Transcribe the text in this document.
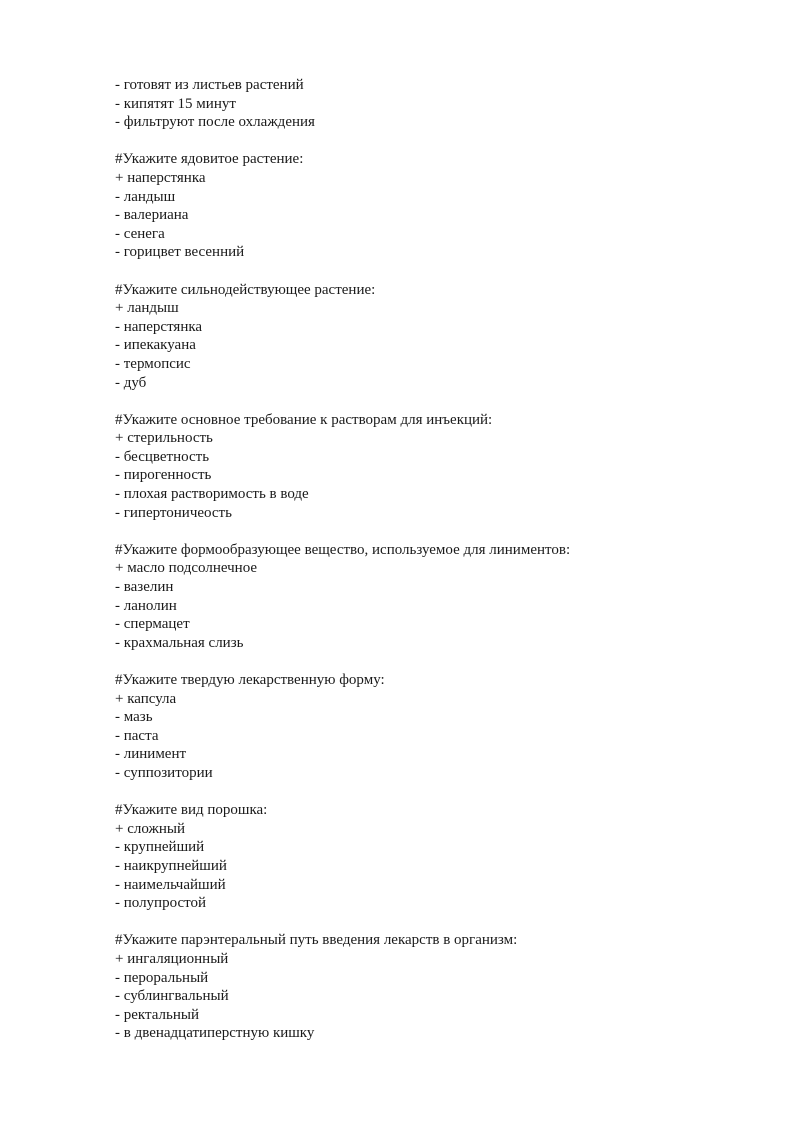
- готовят из листьев растений
- кипятят 15 минут
- фильтруют после охлаждения
#Укажите ядовитое растение:
+ наперстянка
- ландыш
- валериана
- сенега
- горицвет весенний
#Укажите сильнодействующее растение:
+ ландыш
- наперстянка
- ипекакуана
- термопсис
- дуб
#Укажите основное требование к растворам для инъекций:
+ стерильность
- бесцветность
- пирогенность
- плохая растворимость в воде
- гипертоничеость
#Укажите формообразующее вещество, используемое для линиментов:
+ масло подсолнечное
- вазелин
- ланолин
- спермацет
- крахмальная слизь
#Укажите твердую лекарственную форму:
+ капсула
- мазь
- паста
- линимент
- суппозитории
#Укажите вид порошка:
+ сложный
- крупнейший
- наикрупнейший
- наимельчайший
- полупростой
#Укажите парэнтеральный путь введения лекарств в организм:
+ ингаляционный
- пероральный
- сублингвальный
- ректальный
- в двенадцатиперстную кишку
